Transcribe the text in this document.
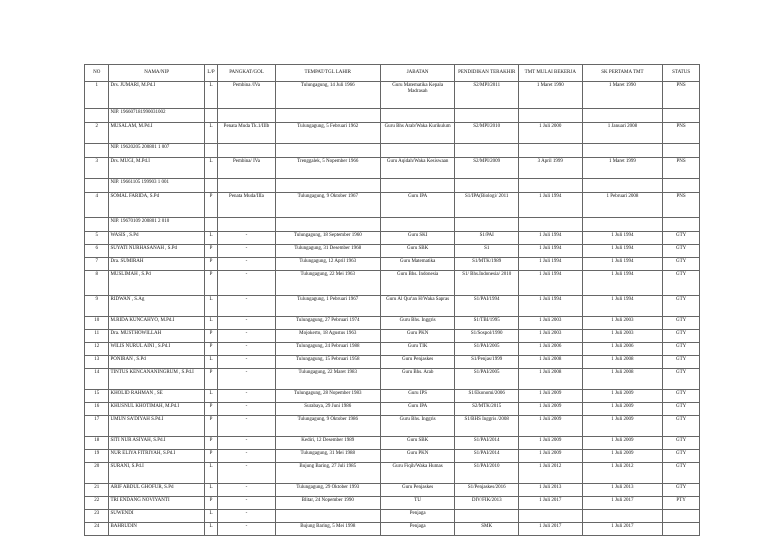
NO	NAMA/NIP	L/P	PANGKAT/GOL	TEMPAT/TGL LAHIR	JABATAN	PENDIDIKAN TERAKHIR	TMT MULAI BEKERJA	SK PERTAMA TMT	STATUS
1	Drs. JUMARI, M.Pd.I	L	Pembina /IVa	Tulungagung, 14 Juli 1966	Guru Matematika Kepala Madrasah	S2/MPI/2011	1 Maret 1990	1 Maret 1990	PNS
	NIP. 196607181990031002								
2	MUSALAM, M.Pd.I	L	Penata Muda Tk.1/IIIb	Tulungagung, 5 Februari 1962	Guru Bhs Arab/Waka Kurikulum	S2/MPI/2010	1 Juli 2000	1 Januari 2008	PNS
	NIP. 19620205 200801 1 007								
3	Drs. MUGI, M.Pd.I	L	Pembina/ IVa	Trenggalek, 5 Nopember 1966	Guru Aqidah/Waka Kesiswaan	S2/MPI/2009	3 April 1999	1 Maret 1999	PNS
	NIP. 19661105 199903 1 001								
4	SOMAL FARIDA, S.Pd	P	Penata Muda/IIIa	Tulungagung, 9 Oktober 1967	Guru IPA	S1/IPA(Biologi/ 2011	1 Juli 1994	1 Pebruari 2008	PNS
	NIP. 19670109 200801 2 010								
5	WASIS , S.Pd	L	-	Tulungagung, 18 September 1960	Guru SKI	S1/PAI	1 Juli 1994	1 Juli 1994	GTY
6	SUYATI NURHASANAH , S.Pd	P	-	Tulungagung, 31 Desember 1968	Guru SBK	S1	1 Juli 1994	1 Juli 1994	GTY
7	Dra. SUMIRAH	P	-	Tulungagung, 12 April 1963	Guru Matematika	S1/MTK/1989	1 Juli 1994	1 Juli 1994	GTY
8	MUSLIMAH , S.Pd	P	-	Tulungagung, 22 Mei 1963	Guru Bhs. Indonesia	S1/ Bhs.Indonesia/ 2010	1 Juli 1994	1 Juli 1994	GTY
9	RIDWAN , S.Ag	L	-	Tulungagung, 1 Pebruari 1967	Guru Al Qur'an H/Waka Sapras	S1/PAI/1994	1 Juli 1994	1 Juli 1994	GTY
10	M.RIDA KUNCAHYO, M.Pd.I	L	-	Tulungagung, 27 Pebruari 1974	Guru Bhs. Inggris	S1/TBI/1995	1 Juli 2003	1 Juli 2003	GTY
11	Dra. MUSTHOWILLAH	P	-	Mojokerto, 18 Agustus 1963	Guru PKN	S1/Sospol/1990	1 Juli 2003	1 Juli 2003	GTY
12	WILIS NURUL AINI , S.Pd.I	P	-	Tulungagung, 24 Pebruari 1988	Guru TIK	S1/PAI/2005	1 Juli 2006	1 Juli 2006	GTY
13	PONIRAN , S.Pd	L	-	Tulungagung, 15 Pebruari 1958	Guru Penjaskes	S1/Penjas/1999	1 Juli 2008	1 Juli 2008	GTY
14	TINTUS KENCANANINGRUM , S.Pd.I	P	-	Tulungagung, 22 Maret 1983	Guru Bhs. Arab	S1/PAI/2005	1 Juli 2008	1 Juli 2008	GTY
15	KHOLID RAHMAN , SE	L	-	Tulungagung, 28 Nopember 1983	Guru IPS	S1/Ekonomi/2006	1 Juli 2009	1 Juli 2009	GTY
16	KHUSNUL KHOTIMAH, M.Pd.I	P	-	Surabaya, 29 Juni 1986	Guru IPA	S2/MTK/2015	1 Juli 2009	1 Juli 2009	GTY
17	UMUN SA'DIYAH S.Pd.I	P	-	Tulungagung, 9 Oktober 1986	Guru Bhs. Inggris	S1/BHS Inggris /2008	1 Juli 2009	1 Juli 2009	GTY
18	SITI NUR ASIYAH, S.Pd.I	P	-	Kediri, 12 Desember 1989	Guru SBK	S1/PAI/2014	1 Juli 2009	1 Juli 2009	GTY
19	NUR ELIYA FITRIYAH, S.Pd.I	P	-	Tulungagung, 31 Mei 1988	Guru PKN	S1/PAI/2014	1 Juli 2009	1 Juli 2009	GTY
20	SURANI, S.Pd.I	L	-	Bujung Baring, 27 Juli 1985	Guru Fiqih/Waka Humas	S1/PAI/2010	1 Juli 2012	1 Juli 2012	GTY
21	ARIF ABDUL GHOFUR, S.Pd	L	-	Tulungagung, 29 Oktober 1993	Guru Penjaskes	S1/Penjaskes/2016	1 Juli 2013	1 Juli 2013	GTY
22	TRI ENDANG NOVIYANTI	P	-	Blitar, 24 Nopember 1990	TU	DIV/FIK/2013	1 Juli 2017	1 Juli 2017	PTY
23	SUWENDI	L	-		Penjaga				
24	BAHRUDIN	L	-	Bujung Baring, 5 Mei 1998	Penjaga	SMK	1 Juli 2017	1 Juli 2017	
